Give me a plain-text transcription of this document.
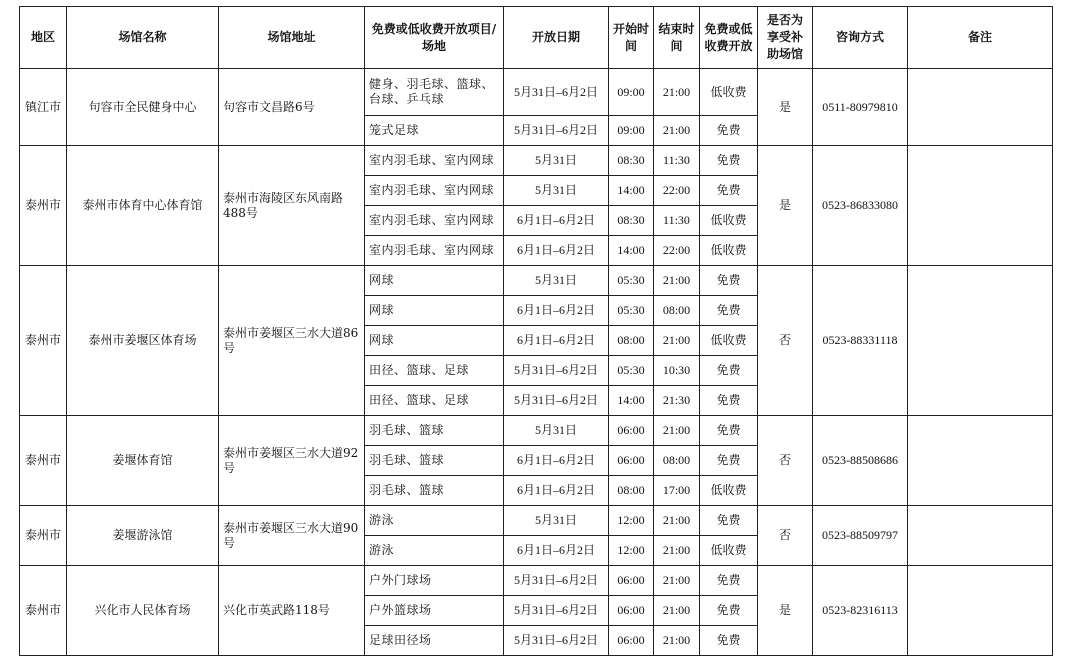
地区	场馆名称	场馆地址	免费或低收费开放项目/场地	开放日期	开始时间	结束时间	免费或低收费开放	是否为享受补助场馆	咨询方式	备注
镇江市	句容市全民健身中心	句容市文昌路6号	健身、羽毛球、篮球、台球、乒乓球	5月31日–6月2日	09:00	21:00	低收费	是	0511-80979810	
			笼式足球	5月31日–6月2日	09:00	21:00	免费			
泰州市	泰州市体育中心体育馆	泰州市海陵区东风南路488号	室内羽毛球、室内网球	5月31日	08:30	11:30	免费	是	0523-86833080	
			室内羽毛球、室内网球	5月31日	14:00	22:00	免费			
			室内羽毛球、室内网球	6月1日–6月2日	08:30	11:30	低收费			
			室内羽毛球、室内网球	6月1日–6月2日	14:00	22:00	低收费			
泰州市	泰州市姜堰区体育场	泰州市姜堰区三水大道86号	网球	5月31日	05:30	21:00	免费	否	0523-88331118	
			网球	6月1日–6月2日	05:30	08:00	免费			
			网球	6月1日–6月2日	08:00	21:00	低收费			
			田径、篮球、足球	5月31日–6月2日	05:30	10:30	免费			
			田径、篮球、足球	5月31日–6月2日	14:00	21:30	免费			
泰州市	姜堰体育馆	泰州市姜堰区三水大道92号	羽毛球、篮球	5月31日	06:00	21:00	免费	否	0523-88508686	
			羽毛球、篮球	6月1日–6月2日	06:00	08:00	免费			
			羽毛球、篮球	6月1日–6月2日	08:00	17:00	低收费			
泰州市	姜堰游泳馆	泰州市姜堰区三水大道90号	游泳	5月31日	12:00	21:00	免费	否	0523-88509797	
			游泳	6月1日–6月2日	12:00	21:00	低收费			
泰州市	兴化市人民体育场	兴化市英武路118号	户外门球场	5月31日–6月2日	06:00	21:00	免费	是	0523-82316113	
			户外篮球场	5月31日–6月2日	06:00	21:00	免费			
			足球田径场	5月31日–6月2日	06:00	21:00	免费			
